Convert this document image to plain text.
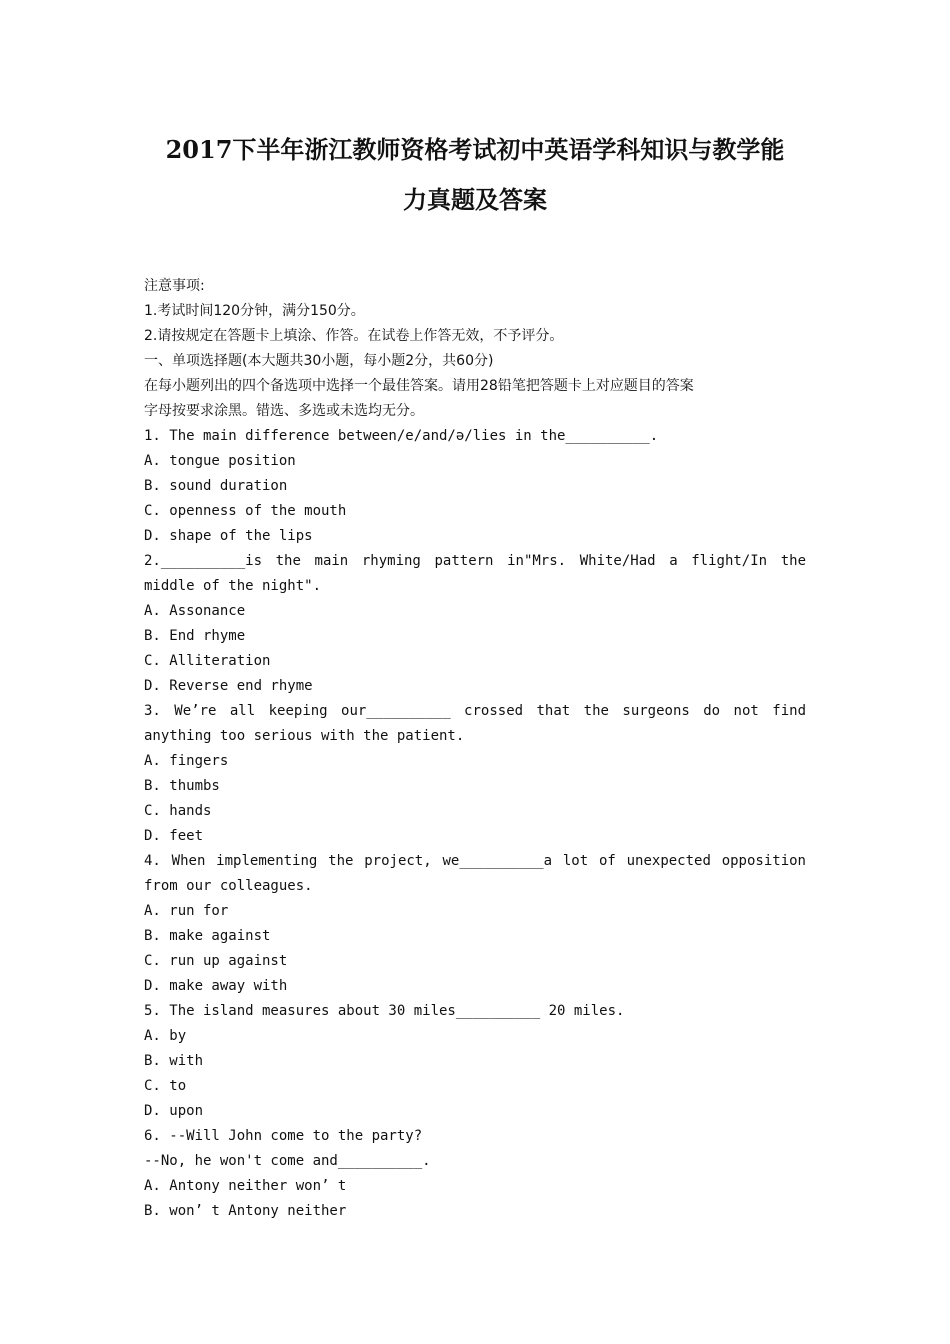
2017下半年浙江教师资格考试初中英语学科知识与教学能
力真题及答案
注意事项:
1.考试时间120分钟，满分150分。
2.请按规定在答题卡上填涂、作答。在试卷上作答无效，不予评分。
一、单项选择题(本大题共30小题，每小题2分，共60分)
在每小题列出的四个备选项中选择一个最佳答案。请用28铅笔把答题卡上对应题目的答案
字母按要求涂黑。错选、多选或未选均无分。
1. The main difference between/e/and/ə/lies in the__________.
A. tongue position
B. sound duration
C. openness of the mouth
D. shape of the lips
2.__________is the main rhyming pattern in"Mrs. White/Had a flight/In the
middle of the night".
A. Assonance
B. End rhyme
C. Alliteration
D. Reverse end rhyme
3. We’re all keeping our__________ crossed that the surgeons do not find
anything too serious with the patient.
A. fingers
B. thumbs
C. hands
D. feet
4. When implementing the project, we__________a lot of unexpected opposition
from our colleagues.
A. run for
B. make against
C. run up against
D. make away with
5. The island measures about 30 miles__________ 20 miles.
A. by
B. with
C. to
D. upon
6. --Will John come to the party?
--No, he won't come and__________.
A. Antony neither won’ t
B. won’ t Antony neither
